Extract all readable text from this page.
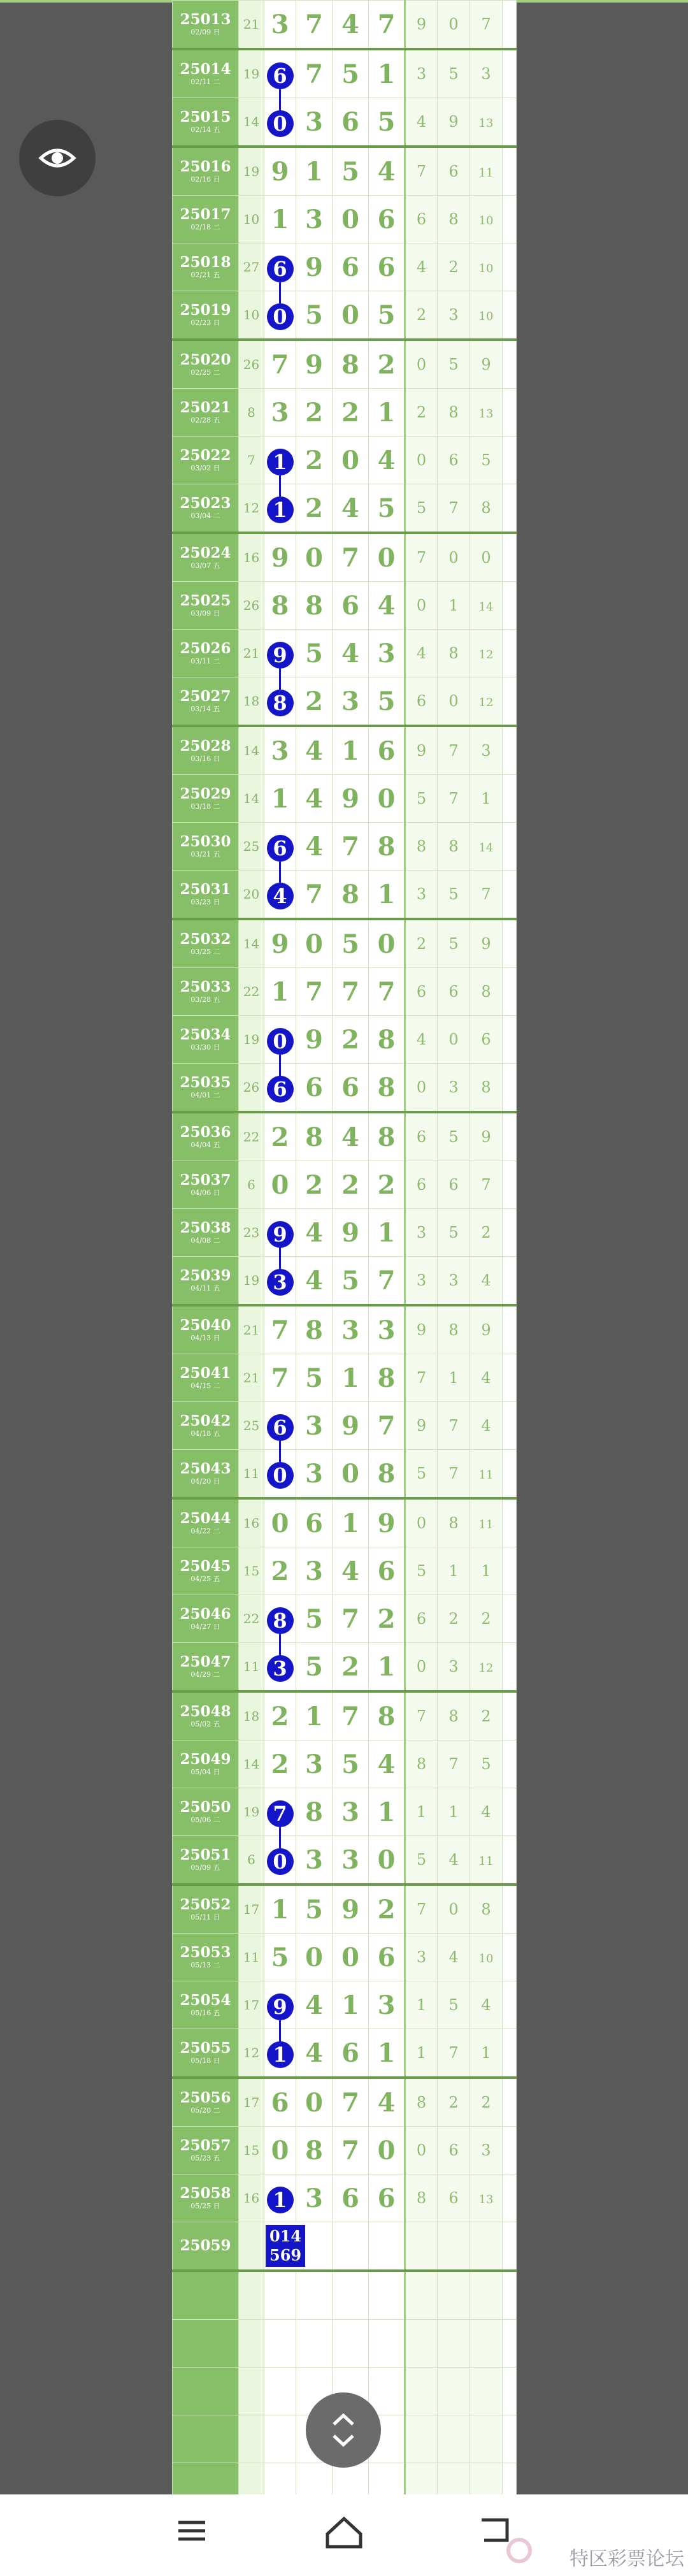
25013
02/09 日	21	3	7	4	7	9	0	7	

25014
02/11 二	19	6	7	5	1	3	5	3	

25015
02/14 五	14	0	3	6	5	4	9	13	

25016
02/16 日	19	9	1	5	4	7	6	11	

25017
02/18 二	10	1	3	0	6	6	8	10	

25018
02/21 五	27	6	9	6	6	4	2	10	

25019
02/23 日	10	0	5	0	5	2	3	10	

25020
02/25 二	26	7	9	8	2	0	5	9	

25021
02/28 五	8	3	2	2	1	2	8	13	

25022
03/02 日	7	1	2	0	4	0	6	5	

25023
03/04 二	12	1	2	4	5	5	7	8	

25024
03/07 五	16	9	0	7	0	7	0	0	

25025
03/09 日	26	8	8	6	4	0	1	14	

25026
03/11 二	21	9	5	4	3	4	8	12	

25027
03/14 五	18	8	2	3	5	6	0	12	

25028
03/16 日	14	3	4	1	6	9	7	3	

25029
03/18 二	14	1	4	9	0	5	7	1	

25030
03/21 五	25	6	4	7	8	8	8	14	

25031
03/23 日	20	4	7	8	1	3	5	7	

25032
03/25 二	14	9	0	5	0	2	5	9	

25033
03/28 五	22	1	7	7	7	6	6	8	

25034
03/30 日	19	0	9	2	8	4	0	6	

25035
04/01 二	26	6	6	6	8	0	3	8	

25036
04/04 五	22	2	8	4	8	6	5	9	

25037
04/06 日	6	0	2	2	2	6	6	7	

25038
04/08 二	23	9	4	9	1	3	5	2	

25039
04/11 五	19	3	4	5	7	3	3	4	

25040
04/13 日	21	7	8	3	3	9	8	9	

25041
04/15 二	21	7	5	1	8	7	1	4	

25042
04/18 五	25	6	3	9	7	9	7	4	

25043
04/20 日	11	0	3	0	8	5	7	11	

25044
04/22 二	16	0	6	1	9	0	8	11	

25045
04/25 五	15	2	3	4	6	5	1	1	

25046
04/27 日	22	8	5	7	2	6	2	2	

25047
04/29 二	11	3	5	2	1	0	3	12	

25048
05/02 五	18	2	1	7	8	7	8	2	

25049
05/04 日	14	2	3	5	4	8	7	5	

25050
05/06 二	19	7	8	3	1	1	1	4	

25051
05/09 五	6	0	3	3	0	5	4	11	

25052
05/11 日	17	1	5	9	2	7	0	8	

25053
05/13 二	11	5	0	0	6	3	4	10	

25054
05/16 五	17	9	4	1	3	1	5	4	

25055
05/18 日	12	1	4	6	1	1	7	1	

25056
05/20 二	17	6	0	7	4	8	2	2	

25057
05/23 五	15	0	8	7	0	0	6	3	

25058
05/25 日	16	1	3	6	6	8	6	13	

25059		014
569							

特区彩票论坛
